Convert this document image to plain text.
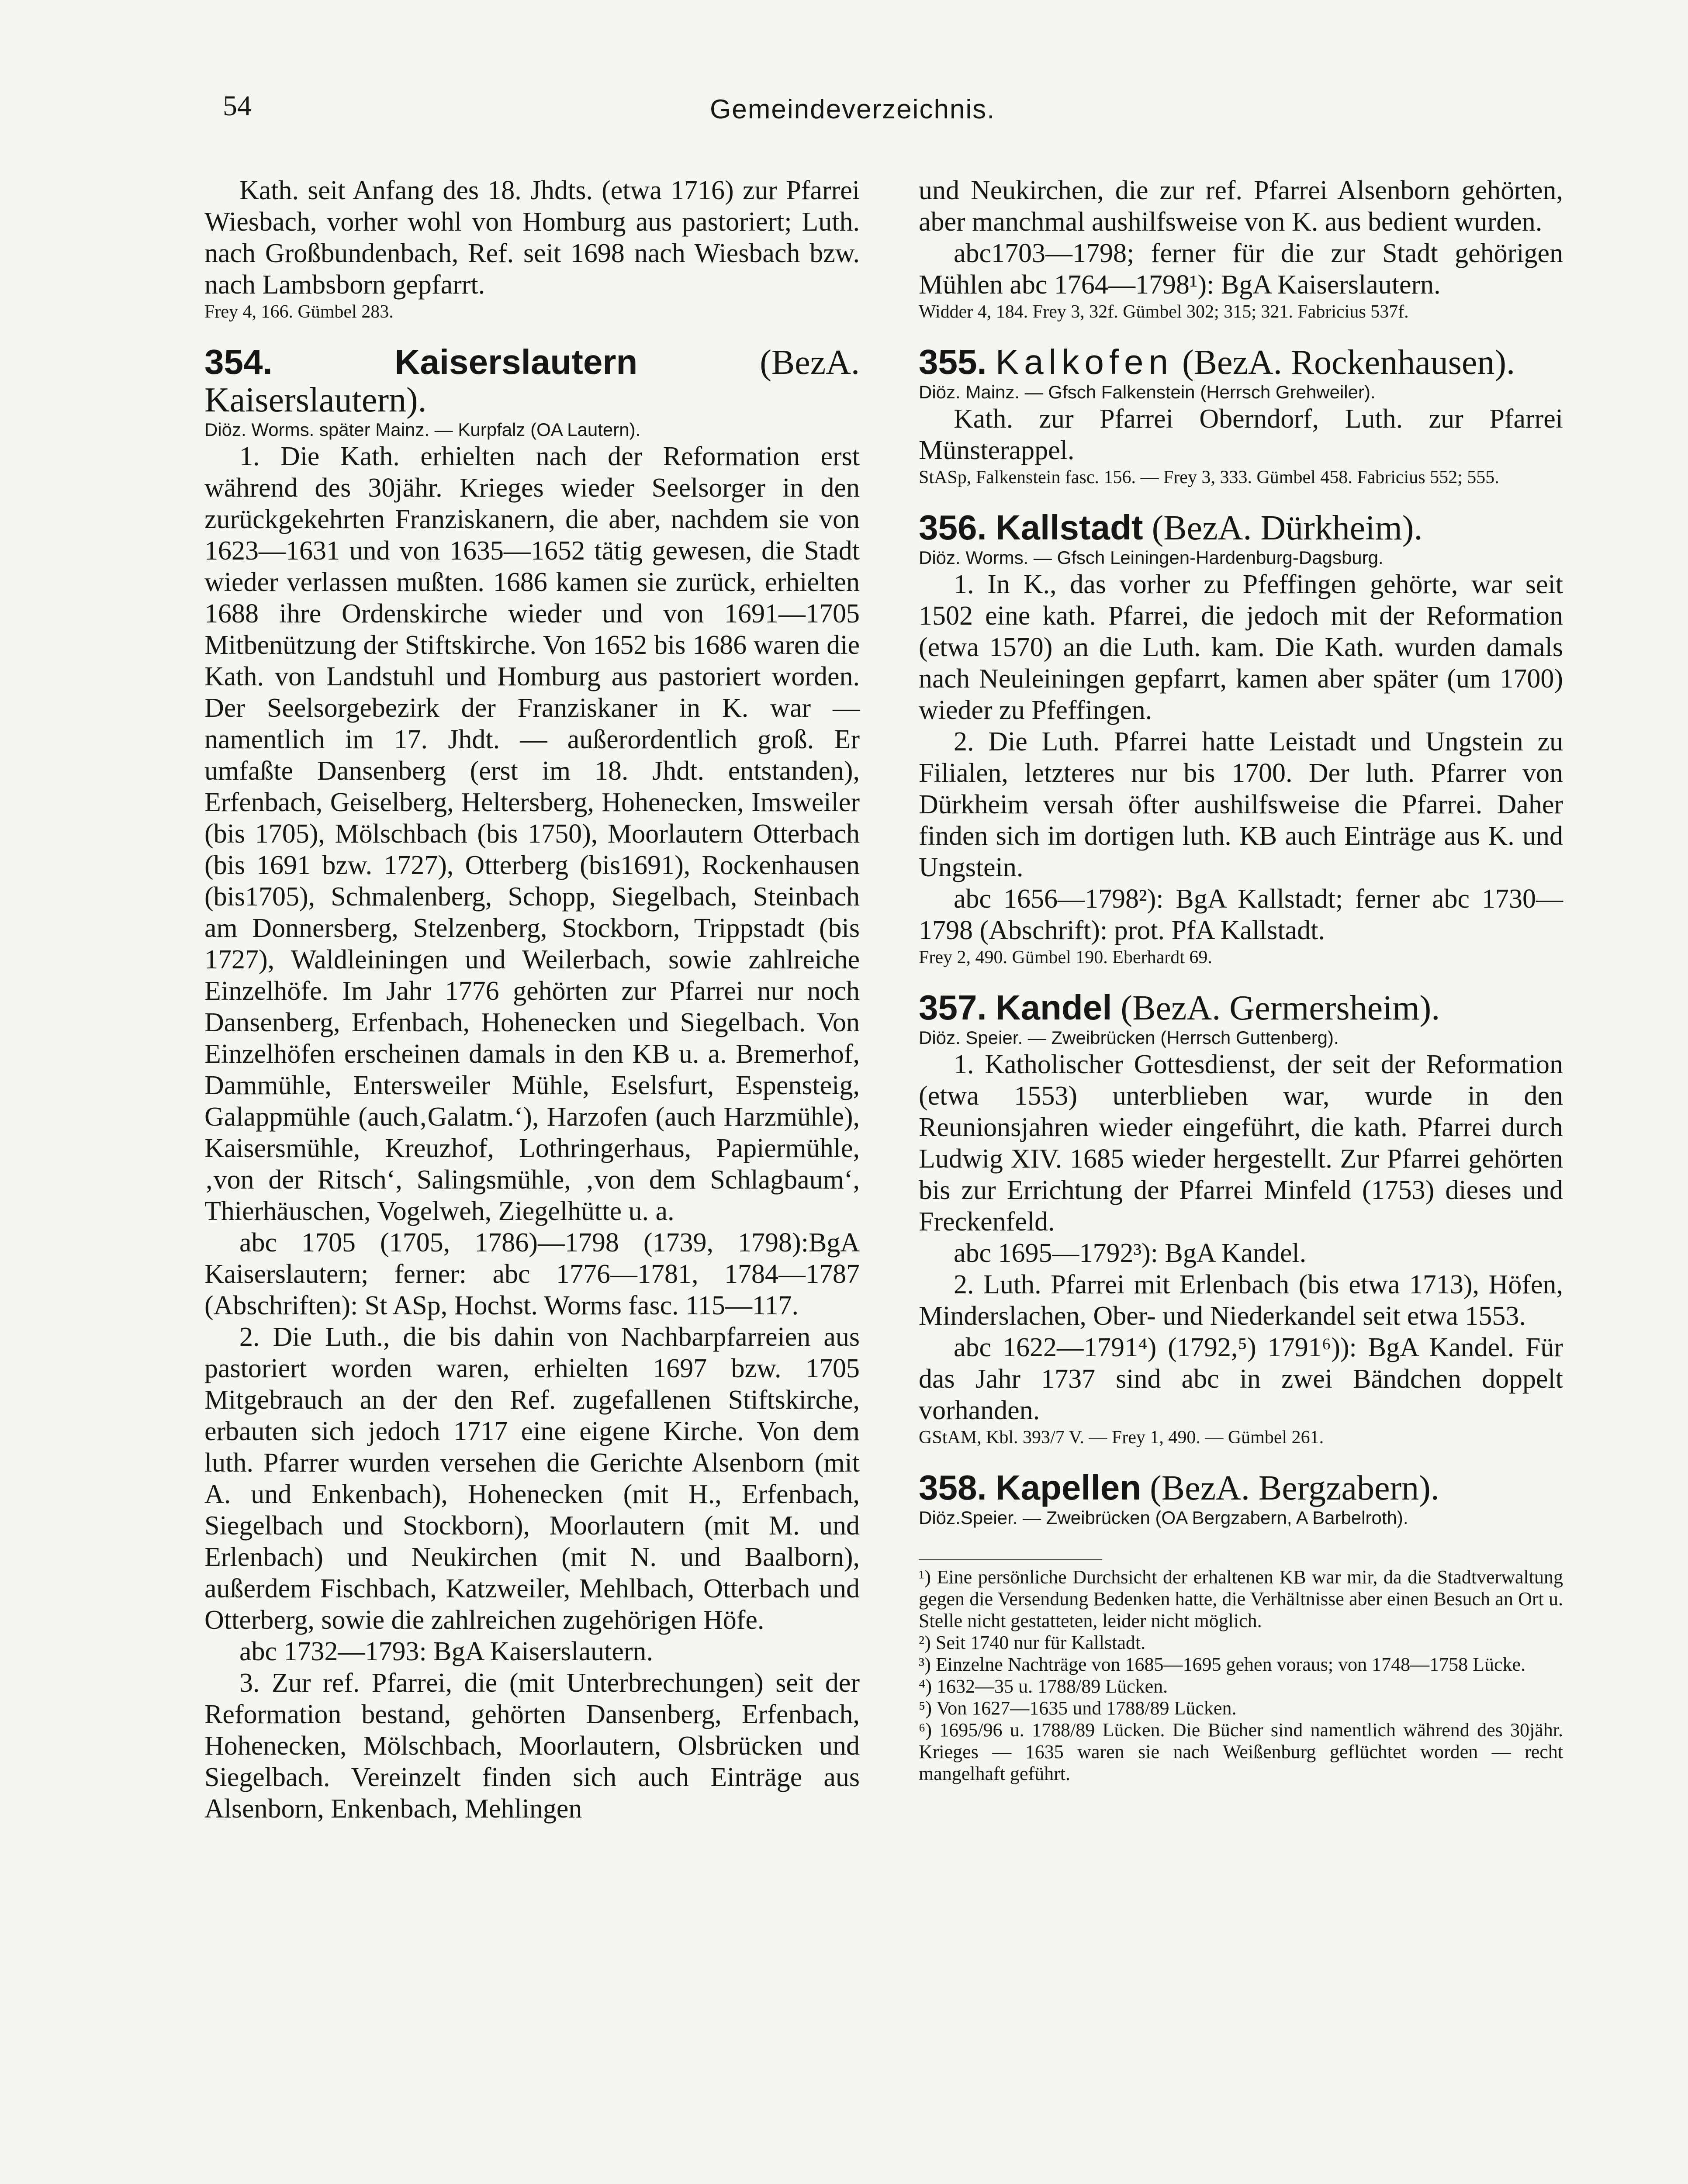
54	Gemeindeverzeichnis.

Kath. seit Anfang des 18. Jhdts. (etwa 1716) zur Pfarrei Wiesbach, vorher wohl von Homburg aus pastoriert; Luth. nach Großbundenbach, Ref. seit 1698 nach Wiesbach bzw. nach Lambsborn gepfarrt.

Frey 4, 166. Gümbel 283.

354.	Kaiserslautern	(BezA. Kaiserslautern).

Diöz. Worms. später Mainz. — Kurpfalz (OA Lautern).

1. Die Kath. erhielten nach der Reformation erst während des 30jähr. Krieges wieder Seelsorger in den zurückgekehrten Franziskanern, die aber, nachdem sie von 1623—1631 und von 1635—1652 tätig gewesen, die Stadt wieder verlassen mußten. 1686 kamen sie zurück, erhielten 1688 ihre Ordenskirche wieder und von 1691—1705 Mitbenützung der Stiftskirche. Von 1652 bis 1686 waren die Kath. von Landstuhl und Homburg aus pastoriert worden. Der Seelsorgebezirk der Franziskaner in K. war — namentlich im 17. Jhdt. — außerordentlich groß. Er umfaßte Dansenberg (erst im 18. Jhdt. entstanden), Erfenbach, Geiselberg, Heltersberg, Hohenecken, Imsweiler (bis 1705), Mölschbach (bis 1750), Moorlautern Otterbach (bis 1691 bzw. 1727), Otterberg (bis1691), Rockenhausen (bis1705), Schmalenberg, Schopp, Siegelbach, Steinbach am Donnersberg, Stelzenberg, Stockborn, Trippstadt (bis 1727), Waldleiningen und Weilerbach, sowie zahlreiche Einzelhöfe. Im Jahr 1776 gehörten zur Pfarrei nur noch Dansenberg, Erfenbach, Hohenecken und Siegelbach. Von Einzelhöfen erscheinen damals in den KB u. a. Bremerhof, Dammühle, Entersweiler Mühle, Eselsfurt, Espensteig, Galappmühle (auch‚Galatm.‘), Harzofen (auch Harzmühle), Kaisersmühle, Kreuzhof, Lothringerhaus, Papiermühle, ‚von der Ritsch‘, Salingsmühle, ‚von dem Schlagbaum‘, Thierhäuschen, Vogelweh, Ziegelhütte u. a.

abc 1705 (1705, 1786)—1798 (1739, 1798):BgA Kaiserslautern; ferner: abc 1776—1781, 1784—1787 (Abschriften): St ASp, Hochst. Worms fasc. 115—117.

2. Die Luth., die bis dahin von Nachbarpfarreien aus pastoriert worden waren, erhielten 1697 bzw. 1705 Mitgebrauch an der den Ref. zugefallenen Stiftskirche, erbauten sich jedoch 1717 eine eigene Kirche. Von dem luth. Pfarrer wurden versehen die Gerichte Alsenborn (mit A. und Enkenbach), Hohenecken (mit H., Erfenbach, Siegelbach und Stockborn), Moorlautern (mit M. und Erlenbach) und Neukirchen (mit N. und Baalborn), außerdem Fischbach, Katzweiler, Mehlbach, Otterbach und Otterberg, sowie die zahlreichen zugehörigen Höfe.

abc 1732—1793: BgA Kaiserslautern.

3. Zur ref. Pfarrei, die (mit Unterbrechungen) seit der Reformation bestand, gehörten Dansenberg, Erfenbach, Hohenecken, Mölschbach, Moorlautern, Olsbrücken und Siegelbach. Vereinzelt finden sich auch Einträge aus Alsenborn, Enkenbach, Mehlingen

und Neukirchen, die zur ref. Pfarrei Alsenborn gehörten, aber manchmal aushilfsweise von K. aus bedient wurden.

abc1703—1798; ferner für die zur Stadt gehörigen Mühlen abc 1764—1798¹): BgA Kaiserslautern.

Widder 4, 184. Frey 3, 32f. Gümbel 302; 315; 321. Fabricius 537f.

355. Kalkofen (BezA. Rockenhausen).

Diöz. Mainz. — Gfsch Falkenstein (Herrsch Grehweiler).

Kath. zur Pfarrei Oberndorf, Luth. zur Pfarrei Münsterappel.

StASp, Falkenstein fasc. 156. — Frey 3, 333. Gümbel 458. Fabricius 552; 555.

356. Kallstadt (BezA. Dürkheim).

Diöz. Worms. — Gfsch Leiningen-Hardenburg-Dagsburg.

1. In K., das vorher zu Pfeffingen gehörte, war seit 1502 eine kath. Pfarrei, die jedoch mit der Reformation (etwa 1570) an die Luth. kam. Die Kath. wurden damals nach Neuleiningen gepfarrt, kamen aber später (um 1700) wieder zu Pfeffingen.

2. Die Luth. Pfarrei hatte Leistadt und Ungstein zu Filialen, letzteres nur bis 1700. Der luth. Pfarrer von Dürkheim versah öfter aushilfsweise die Pfarrei. Daher finden sich im dortigen luth. KB auch Einträge aus K. und Ungstein.

abc 1656—1798²): BgA Kallstadt; ferner abc 1730—1798 (Abschrift): prot. PfA Kallstadt.

Frey 2, 490. Gümbel 190. Eberhardt 69.

357. Kandel (BezA. Germersheim).

Diöz. Speier. — Zweibrücken (Herrsch Guttenberg).

1. Katholischer Gottesdienst, der seit der Reformation (etwa 1553) unterblieben war, wurde in den Reunionsjahren wieder eingeführt, die kath. Pfarrei durch Ludwig XIV. 1685 wieder hergestellt. Zur Pfarrei gehörten bis zur Errichtung der Pfarrei Minfeld (1753) dieses und Freckenfeld.

abc 1695—1792³): BgA Kandel.

2. Luth. Pfarrei mit Erlenbach (bis etwa 1713), Höfen, Minderslachen, Ober- und Niederkandel seit etwa 1553.

abc 1622—1791⁴) (1792,⁵) 1791⁶)): BgA Kandel. Für das Jahr 1737 sind abc in zwei Bändchen doppelt vorhanden.

GStAM, Kbl. 393/7 V. — Frey 1, 490. — Gümbel 261.

358. Kapellen (BezA. Bergzabern).

Diöz.Speier. — Zweibrücken (OA Bergzabern, A Barbelroth).

¹) Eine persönliche Durchsicht der erhaltenen KB war mir, da die Stadtverwaltung gegen die Versendung Bedenken hatte, die Verhältnisse aber einen Besuch an Ort u. Stelle nicht gestatteten, leider nicht möglich.

²) Seit 1740 nur für Kallstadt.

³) Einzelne Nachträge von 1685—1695 gehen voraus; von 1748—1758 Lücke.

⁴) 1632—35 u. 1788/89 Lücken.

⁵) Von 1627—1635 und 1788/89 Lücken.

⁶) 1695/96 u. 1788/89 Lücken. Die Bücher sind namentlich während des 30jähr. Krieges — 1635 waren sie nach Weißenburg geflüchtet worden — recht mangelhaft geführt.
